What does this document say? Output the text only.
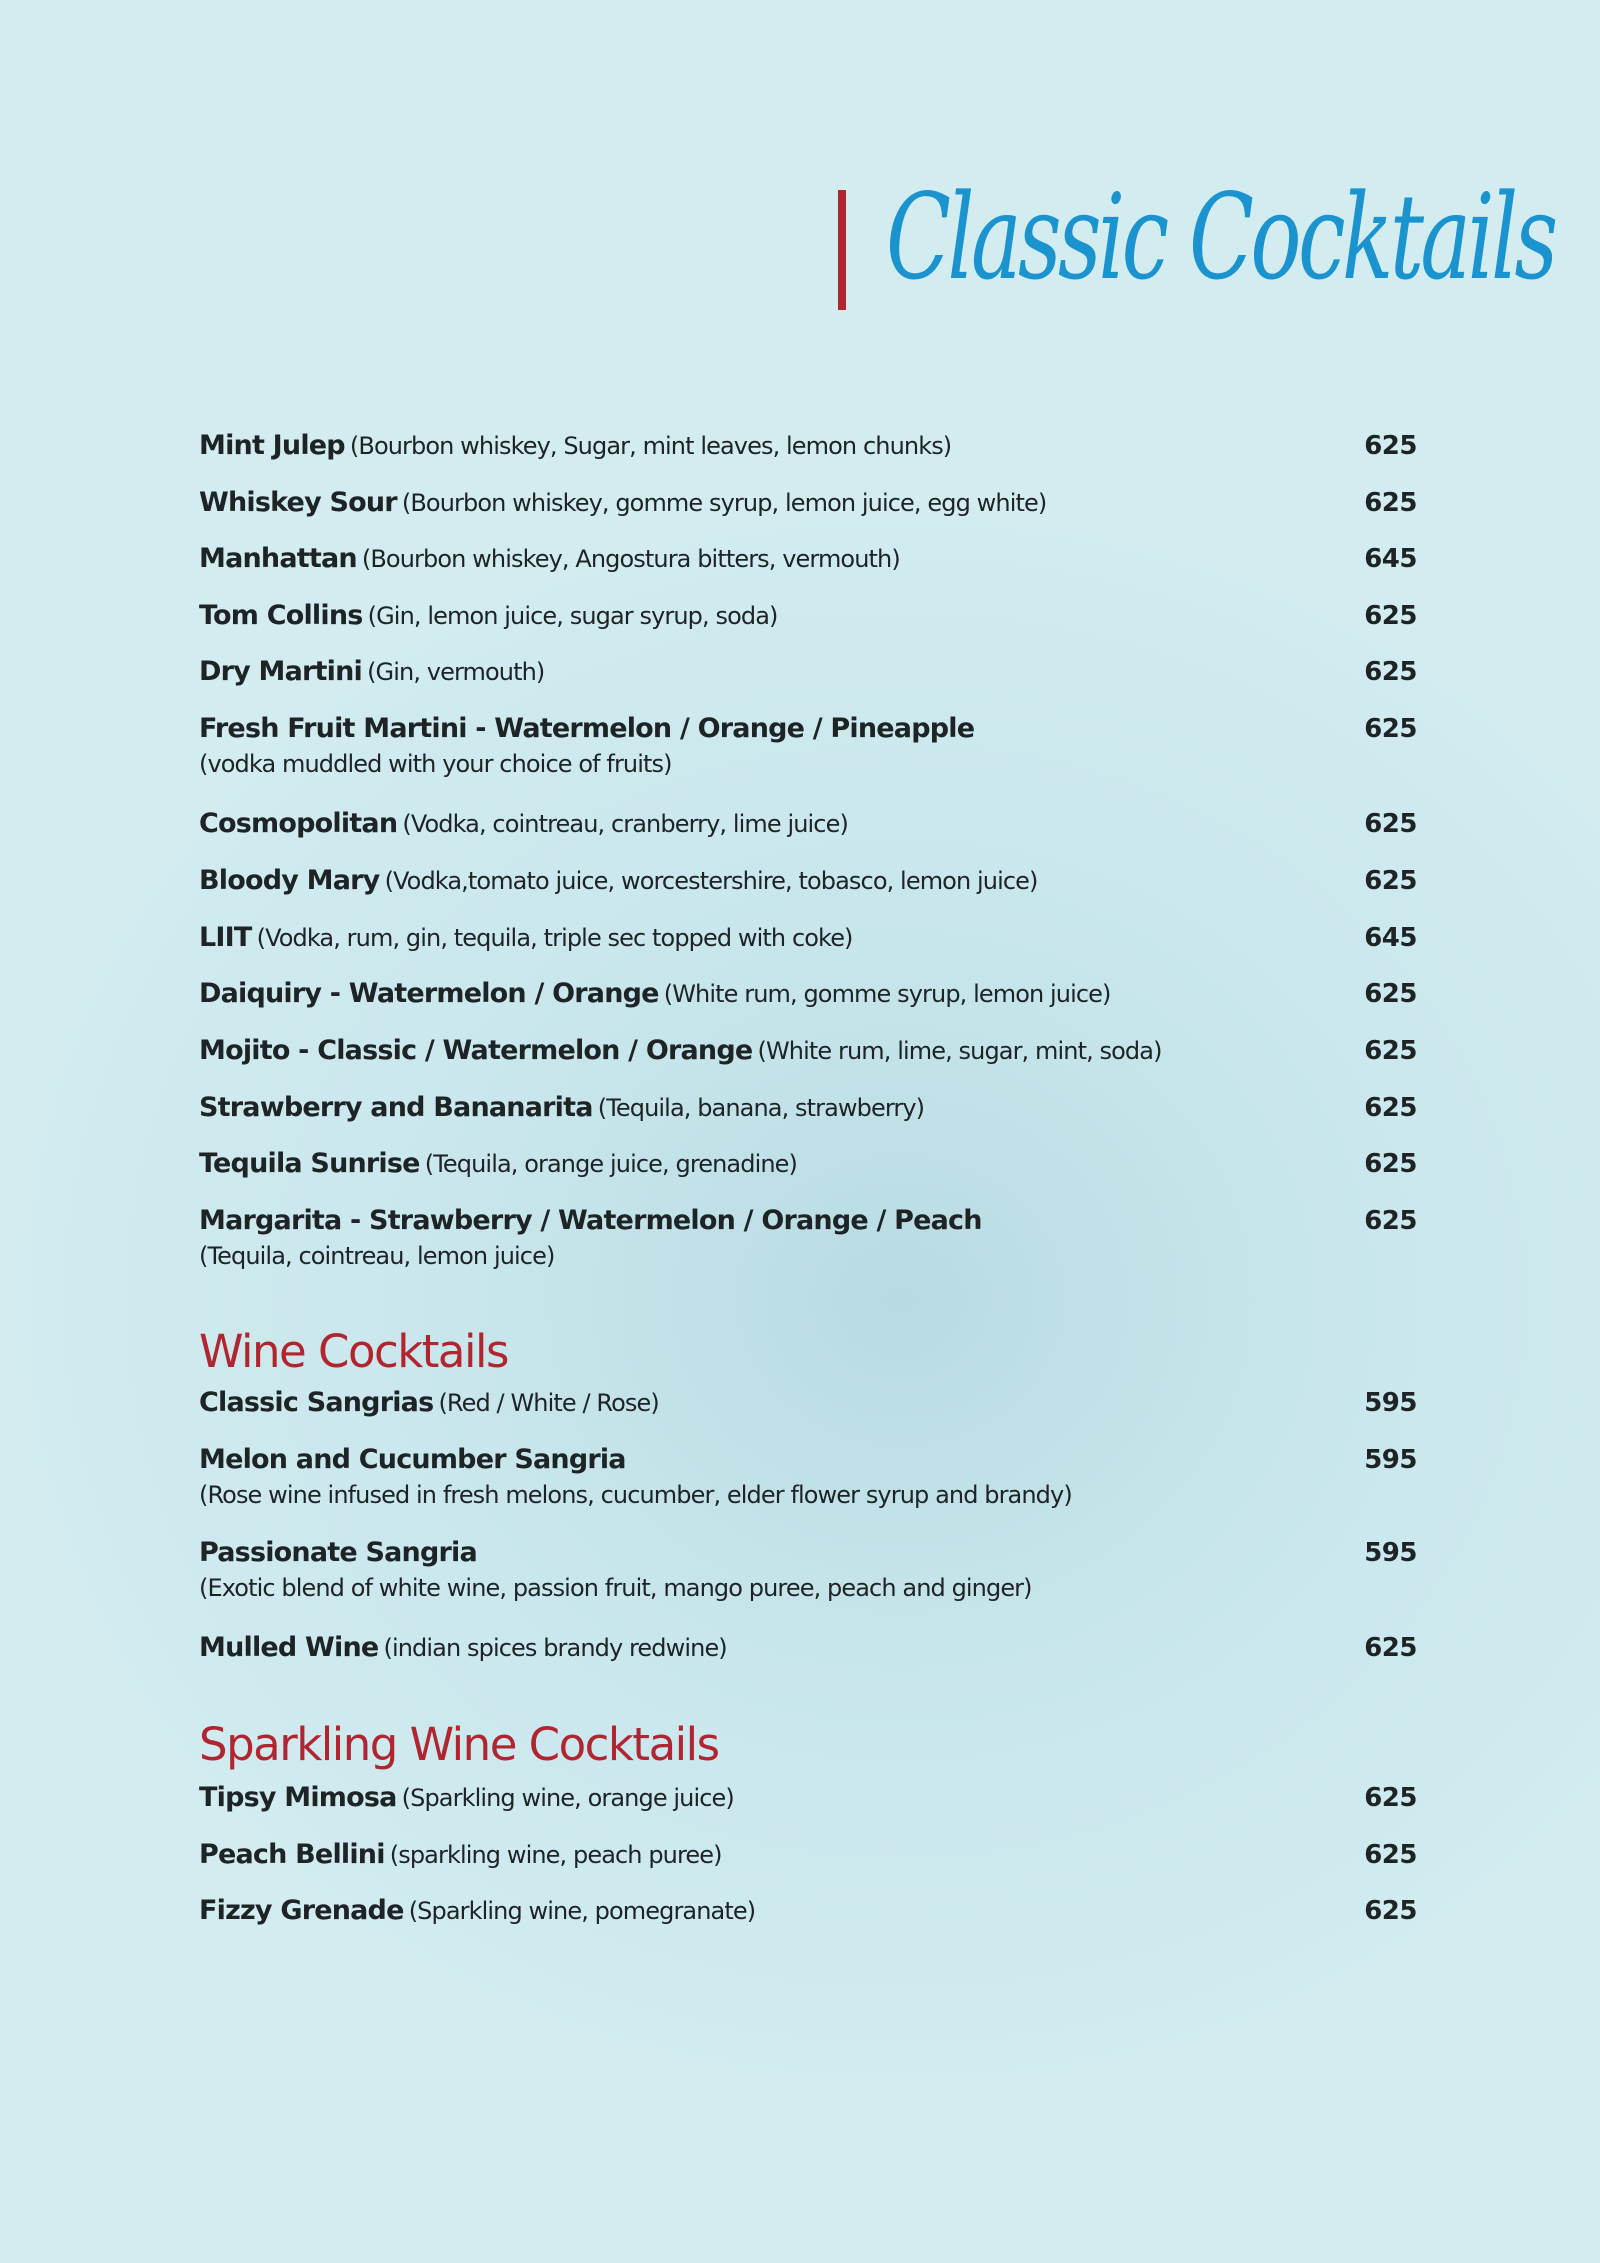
Classic Cocktails
Mint Julep (Bourbon whiskey, Sugar, mint leaves, lemon chunks)	625
Whiskey Sour (Bourbon whiskey, gomme syrup, lemon juice, egg white)	625
Manhattan (Bourbon whiskey, Angostura bitters, vermouth)	645
Tom Collins (Gin, lemon juice, sugar syrup, soda)	625
Dry Martini (Gin, vermouth)	625
Fresh Fruit Martini - Watermelon / Orange / Pineapple	625
(vodka muddled with your choice of fruits)
Cosmopolitan (Vodka, cointreau, cranberry, lime juice)	625
Bloody Mary (Vodka,tomato juice, worcestershire, tobasco, lemon juice)	625
LIIT (Vodka, rum, gin, tequila, triple sec topped with coke)	645
Daiquiry - Watermelon / Orange (White rum, gomme syrup, lemon juice)	625
Mojito - Classic / Watermelon / Orange (White rum, lime, sugar, mint, soda)	625
Strawberry and Bananarita (Tequila, banana, strawberry)	625
Tequila Sunrise (Tequila, orange juice, grenadine)	625
Margarita - Strawberry / Watermelon / Orange / Peach	625
(Tequila, cointreau, lemon juice)
Wine Cocktails
Classic Sangrias (Red / White / Rose)	595
Melon and Cucumber Sangria	595
(Rose wine infused in fresh melons, cucumber, elder flower syrup and brandy)
Passionate Sangria	595
(Exotic blend of white wine, passion fruit, mango puree, peach and ginger)
Mulled Wine (indian spices brandy redwine)	625
Sparkling Wine Cocktails
Tipsy Mimosa (Sparkling wine, orange juice)	625
Peach Bellini (sparkling wine, peach puree)	625
Fizzy Grenade (Sparkling wine, pomegranate)	625
